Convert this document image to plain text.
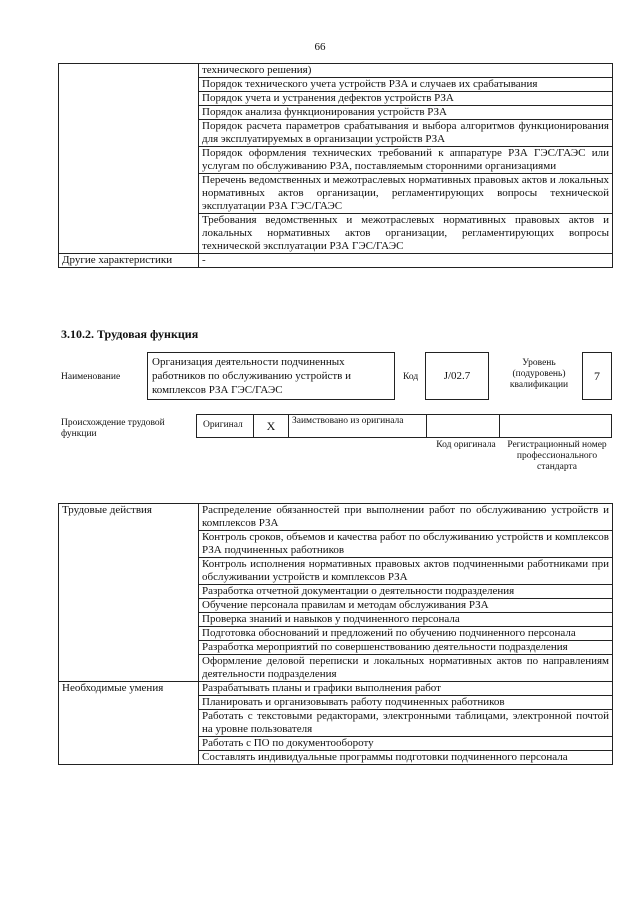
66
	технического решения)
	Порядок технического учета устройств РЗА и случаев их срабатывания
	Порядок учета и устранения дефектов устройств РЗА
	Порядок анализа функционирования устройств РЗА
	Порядок расчета параметров срабатывания и выбора алгоритмов функционирования для эксплуатируемых в организации устройств РЗА
	Порядок оформления технических требований к аппаратуре РЗА ГЭС/ГАЭС или услугам по обслуживанию РЗА, поставляемым сторонними организациями
	Перечень ведомственных и межотраслевых нормативных правовых актов и локальных нормативных актов организации, регламентирующих вопросы технической эксплуатации РЗА ГЭС/ГАЭС
	Требования ведомственных и межотраслевых нормативных правовых актов и локальных нормативных актов организации, регламентирующих вопросы технической эксплуатации РЗА ГЭС/ГАЭС
Другие характеристики	-
3.10.2. Трудовая функция
Наименование
Организация деятельности подчиненных работников по обслуживанию устройств и комплексов РЗА ГЭС/ГАЭС
Код	J/02.7
Уровень (подуровень) квалификации
7
Происхождение трудовой функции
Оригинал	X	Заимствовано из оригинала
Код оригинала	Регистрационный номер профессионального стандарта
Трудовые действия	Распределение обязанностей при выполнении работ по обслуживанию устройств и комплексов РЗА
	Контроль сроков, объемов и качества работ по обслуживанию устройств и комплексов РЗА подчиненных работников
	Контроль исполнения нормативных правовых актов подчиненными работниками при обслуживании устройств и комплексов РЗА
	Разработка отчетной документации о деятельности подразделения
	Обучение персонала правилам и методам обслуживания РЗА
	Проверка знаний и навыков у подчиненного персонала
	Подготовка обоснований и предложений по обучению подчиненного персонала
	Разработка мероприятий по совершенствованию деятельности подразделения
	Оформление деловой переписки и локальных нормативных актов по направлениям деятельности подразделения
Необходимые умения	Разрабатывать планы и графики выполнения работ
	Планировать и организовывать работу подчиненных работников
	Работать с текстовыми редакторами, электронными таблицами, электронной почтой на уровне пользователя
	Работать с ПО по документообороту
	Составлять индивидуальные программы подготовки подчиненного персонала
